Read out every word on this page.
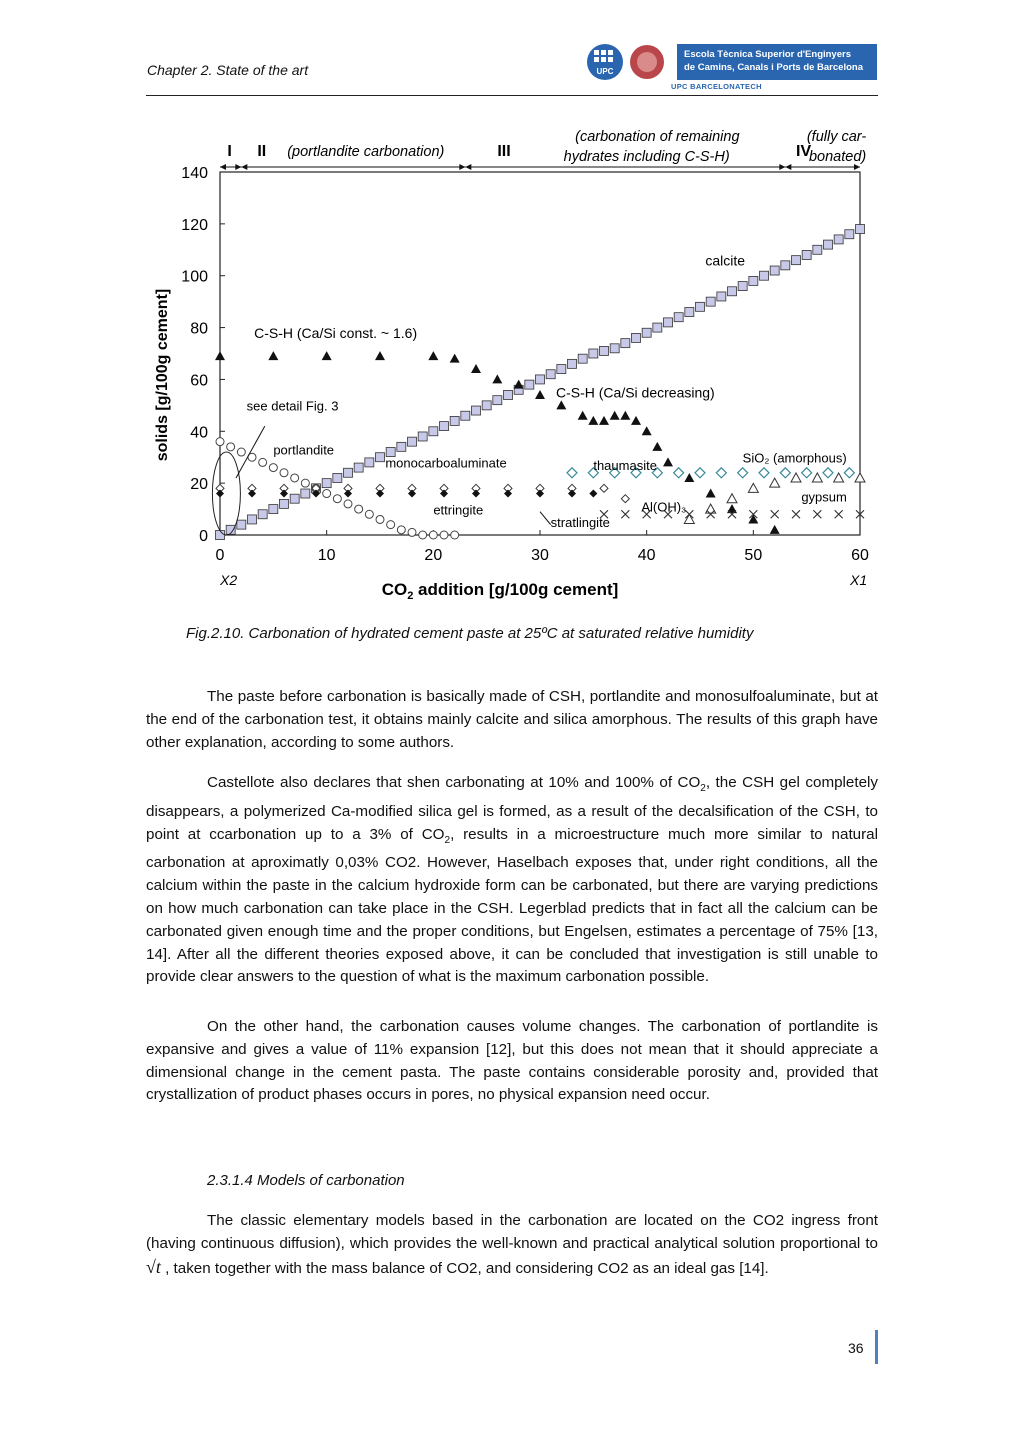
Chapter 2. State of the art	UPC
Escola Tècnica Superior d'Enginyers
de Camins, Canals i Ports de Barcelona
UPC BARCELONATECH
0	10	20	30	40	50	60
0
20
40
60
80
100
120
140
I II	III	IV
(portlandite carbonation)
(carbonation of remaining
hydrates including C-S-H)
(fully car-
bonated)
C-S-H (Ca/Si const. ~ 1.6)
C-S-H (Ca/Si decreasing)
calcite
see detail Fig. 3
portlandite
monocarboaluminate
ettringite
thaumasite
SiO₂ (amorphous)
gypsum
Al(OH)₃
stratlingite
$CO_2$ addition [g/100g cement]
solids [g/100g cement]
X2	X1
Fig.2.10. Carbonation of hydrated cement paste at 25ºC at saturated relative humidity

The paste before carbonation is basically made of CSH, portlandite and monosulfoaluminate, but at the end of the carbonation test, it obtains mainly calcite and silica amorphous. The results of this graph have other explanation, according to some authors.

Castellote also declares that shen carbonating at 10% and 100% of $CO_2$, the CSH gel completely disappears, a polymerized Ca-modified silica gel is formed, as a result of the decalsification of the CSH, to point at ccarbonation up to a 3% of $CO_2$, results in a microestructure much more similar to natural carbonation at aproximatly 0,03% CO2. However, Haselbach exposes that, under right conditions, all the calcium within the paste in the calcium hydroxide form can be carbonated, but there are varying predictions on how much carbonation can take place in the CSH. Legerblad predicts that in fact all the calcium can be carbonated given enough time and the proper conditions, but Engelsen, estimates a percentage of 75% [13, 14]. After all the different theories exposed above, it can be concluded that investigation is still unable to provide clear answers to the question of what is the maximum carbonation possible.

On the other hand, the carbonation causes volume changes. The carbonation of portlandite is expansive and gives a value of 11% expansion [12], but this does not mean that it should appreciate a dimensional change in the cement pasta. The paste contains considerable porosity and, provided that crystallization of product phases occurs in pores, no physical expansion need occur.

2.3.1.4 Models of carbonation

The classic elementary models based in the carbonation are located on the CO2 ingress front (having continuous diffusion), which provides the well-known and practical analytical solution proportional to √t , taken together with the mass balance of CO2, and considering CO2 as an ideal gas [14].

36
